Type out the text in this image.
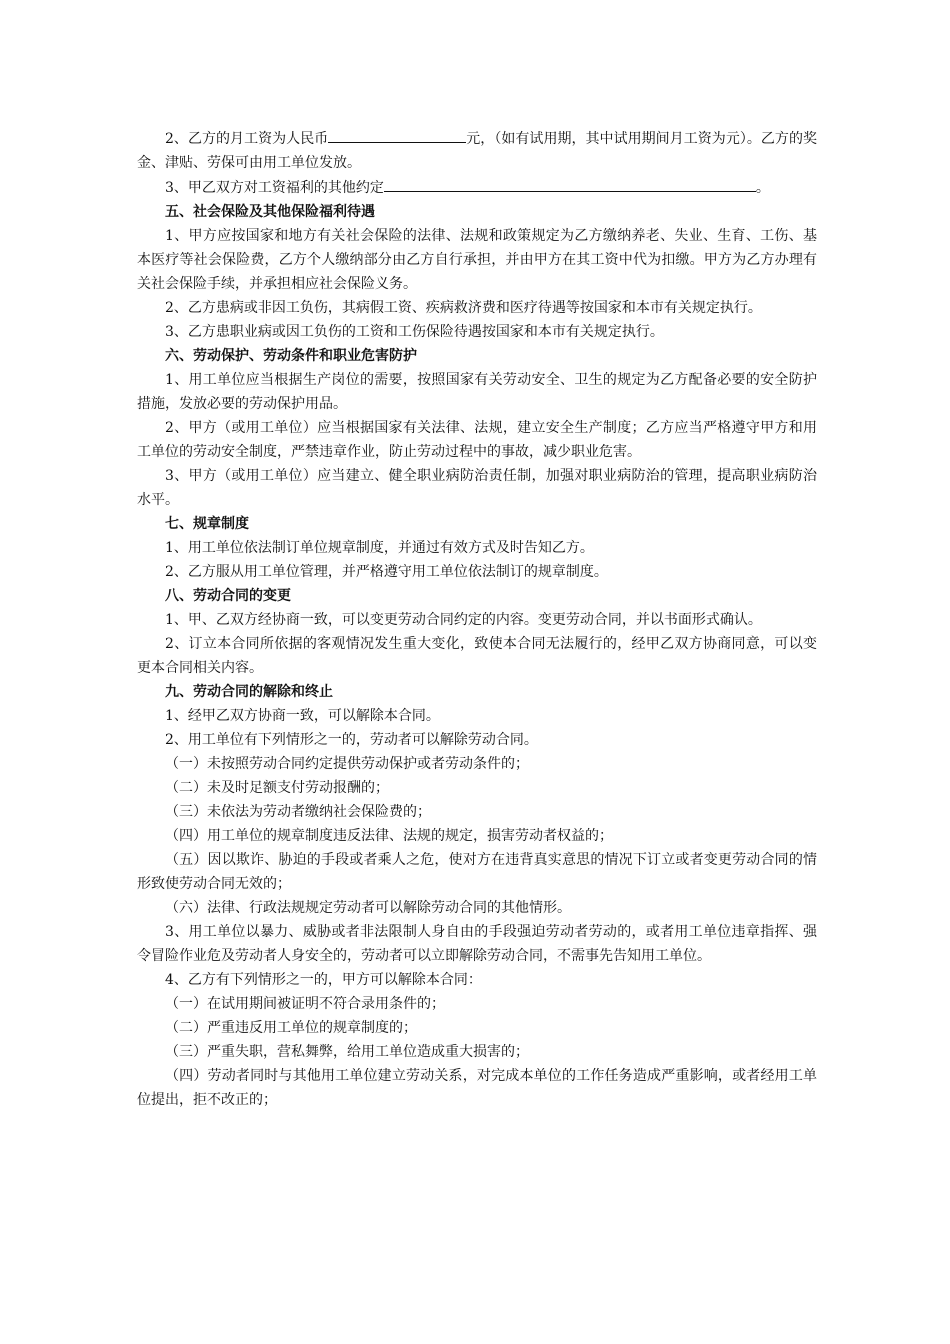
2、乙方的月工资为人民币	元，（如有试用期，其中试用期间月工资为元）。乙方的奖金、津贴、劳保可由用工单位发放。

3、甲乙双方对工资福利的其他约定	。

五、社会保险及其他保险福利待遇

1、甲方应按国家和地方有关社会保险的法律、法规和政策规定为乙方缴纳养老、失业、生育、工伤、基本医疗等社会保险费，乙方个人缴纳部分由乙方自行承担，并由甲方在其工资中代为扣缴。甲方为乙方办理有关社会保险手续，并承担相应社会保险义务。

2、乙方患病或非因工负伤，其病假工资、疾病救济费和医疗待遇等按国家和本市有关规定执行。

3、乙方患职业病或因工负伤的工资和工伤保险待遇按国家和本市有关规定执行。

六、劳动保护、劳动条件和职业危害防护

1、用工单位应当根据生产岗位的需要，按照国家有关劳动安全、卫生的规定为乙方配备必要的安全防护措施，发放必要的劳动保护用品。

2、甲方（或用工单位）应当根据国家有关法律、法规，建立安全生产制度；乙方应当严格遵守甲方和用工单位的劳动安全制度，严禁违章作业，防止劳动过程中的事故，减少职业危害。

3、甲方（或用工单位）应当建立、健全职业病防治责任制，加强对职业病防治的管理，提高职业病防治水平。

七、规章制度

1、用工单位依法制订单位规章制度，并通过有效方式及时告知乙方。

2、乙方服从用工单位管理，并严格遵守用工单位依法制订的规章制度。

八、劳动合同的变更

1、甲、乙双方经协商一致，可以变更劳动合同约定的内容。变更劳动合同，并以书面形式确认。

2、订立本合同所依据的客观情况发生重大变化，致使本合同无法履行的，经甲乙双方协商同意，可以变更本合同相关内容。

九、劳动合同的解除和终止

1、经甲乙双方协商一致，可以解除本合同。

2、用工单位有下列情形之一的，劳动者可以解除劳动合同。

（一）未按照劳动合同约定提供劳动保护或者劳动条件的；

（二）未及时足额支付劳动报酬的；

（三）未依法为劳动者缴纳社会保险费的；

（四）用工单位的规章制度违反法律、法规的规定，损害劳动者权益的；

（五）因以欺诈、胁迫的手段或者乘人之危，使对方在违背真实意思的情况下订立或者变更劳动合同的情形致使劳动合同无效的；

（六）法律、行政法规规定劳动者可以解除劳动合同的其他情形。

3、用工单位以暴力、威胁或者非法限制人身自由的手段强迫劳动者劳动的，或者用工单位违章指挥、强令冒险作业危及劳动者人身安全的，劳动者可以立即解除劳动合同，不需事先告知用工单位。

4、乙方有下列情形之一的，甲方可以解除本合同：

（一）在试用期间被证明不符合录用条件的；

（二）严重违反用工单位的规章制度的；

（三）严重失职，营私舞弊，给用工单位造成重大损害的；

（四）劳动者同时与其他用工单位建立劳动关系，对完成本单位的工作任务造成严重影响，或者经用工单位提出，拒不改正的；
